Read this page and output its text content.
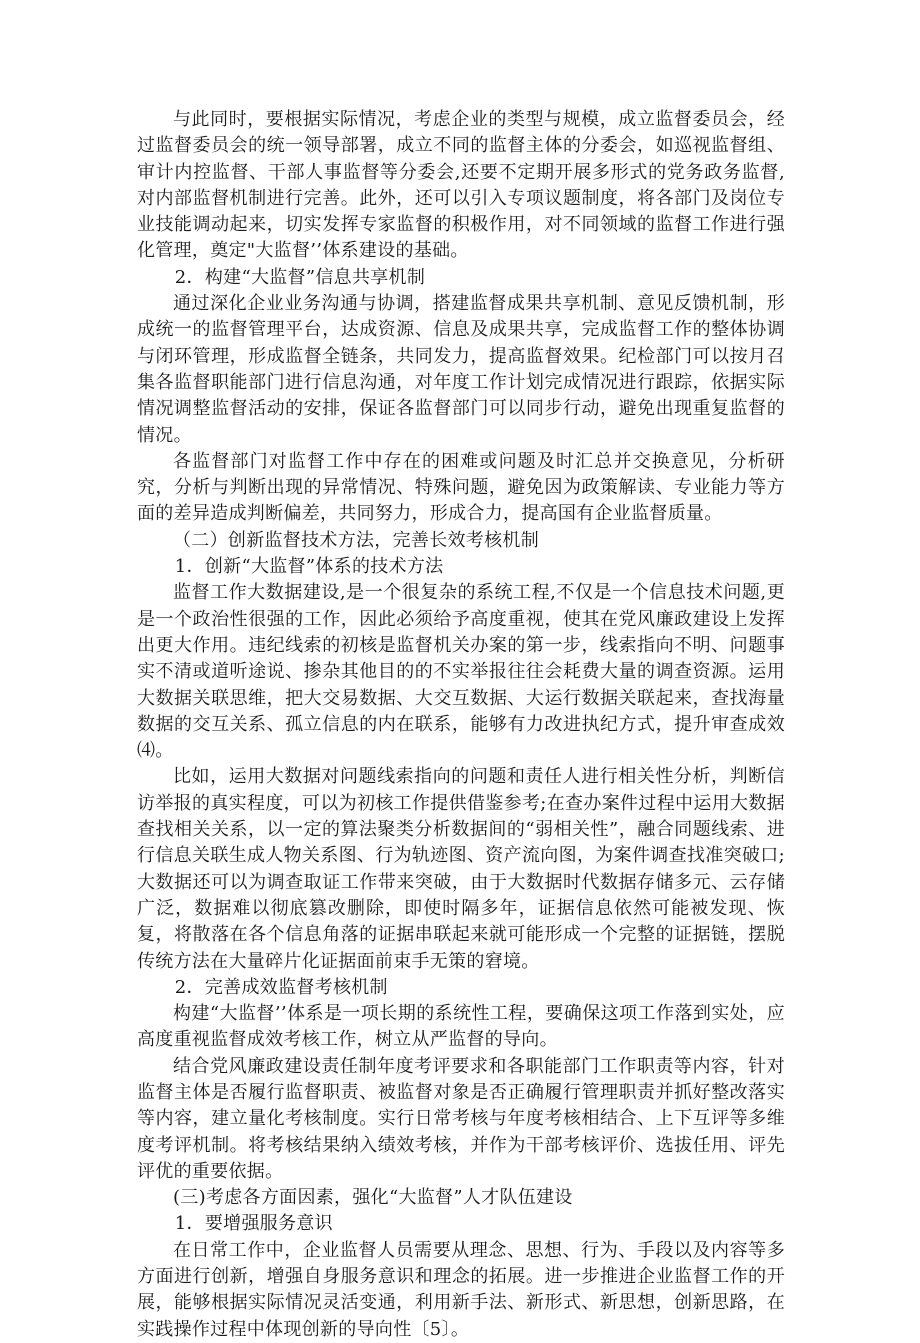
与此同时，要根据实际情况，考虑企业的类型与规模，成立监督委员会，经过监督委员会的统一领导部署，成立不同的监督主体的分委会，如巡视监督组、审计内控监督、干部人事监督等分委会,还要不定期开展多形式的党务政务监督,对内部监督机制进行完善。此外，还可以引入专项议题制度，将各部门及岗位专业技能调动起来，切实发挥专家监督的积极作用，对不同领域的监督工作进行强化管理，奠定"大监督’’体系建设的基础。

2．构建“大监督”信息共享机制

通过深化企业业务沟通与协调，搭建监督成果共享机制、意见反馈机制，形成统一的监督管理平台，达成资源、信息及成果共享，完成监督工作的整体协调与闭环管理，形成监督全链条，共同发力，提高监督效果。纪检部门可以按月召集各监督职能部门进行信息沟通，对年度工作计划完成情况进行跟踪，依据实际情况调整监督活动的安排，保证各监督部门可以同步行动，避免出现重复监督的情况。

各监督部门对监督工作中存在的困难或问题及时汇总并交换意见，分析研究，分析与判断出现的异常情况、特殊问题，避免因为政策解读、专业能力等方面的差异造成判断偏差，共同努力，形成合力，提高国有企业监督质量。

（二）创新监督技术方法，完善长效考核机制

1．创新“大监督”体系的技术方法

监督工作大数据建设,是一个很复杂的系统工程,不仅是一个信息技术问题,更是一个政治性很强的工作，因此必须给予高度重视，使其在党风廉政建设上发挥出更大作用。违纪线索的初核是监督机关办案的第一步，线索指向不明、问题事实不清或道听途说、掺杂其他目的的不实举报往往会耗费大量的调查资源。运用大数据关联思维，把大交易数据、大交互数据、大运行数据关联起来，查找海量数据的交互关系、孤立信息的内在联系，能够有力改进执纪方式，提升审查成效⑷。

比如，运用大数据对问题线索指向的问题和责任人进行相关性分析，判断信访举报的真实程度，可以为初核工作提供借鉴参考;在查办案件过程中运用大数据查找相关关系，以一定的算法聚类分析数据间的“弱相关性”，融合同题线索、进行信息关联生成人物关系图、行为轨迹图、资产流向图，为案件调查找准突破口;大数据还可以为调查取证工作带来突破，由于大数据时代数据存储多元、云存储广泛，数据难以彻底篡改删除，即使时隔多年，证据信息依然可能被发现、恢复，将散落在各个信息角落的证据串联起来就可能形成一个完整的证据链，摆脱传统方法在大量碎片化证据面前束手无策的窘境。

2．完善成效监督考核机制

构建“大监督’’体系是一项长期的系统性工程，要确保这项工作落到实处，应高度重视监督成效考核工作，树立从严监督的导向。

结合党风廉政建设责任制年度考评要求和各职能部门工作职责等内容，针对监督主体是否履行监督职责、被监督对象是否正确履行管理职责并抓好整改落实等内容，建立量化考核制度。实行日常考核与年度考核相结合、上下互评等多维度考评机制。将考核结果纳入绩效考核，并作为干部考核评价、选拔任用、评先评优的重要依据。

(三)考虑各方面因素，强化“大监督”人才队伍建设

1．要增强服务意识

在日常工作中，企业监督人员需要从理念、思想、行为、手段以及内容等多方面进行创新，增强自身服务意识和理念的拓展。进一步推进企业监督工作的开展，能够根据实际情况灵活变通，利用新手法、新形式、新思想，创新思路，在实践操作过程中体现创新的导向性〔5〕。
